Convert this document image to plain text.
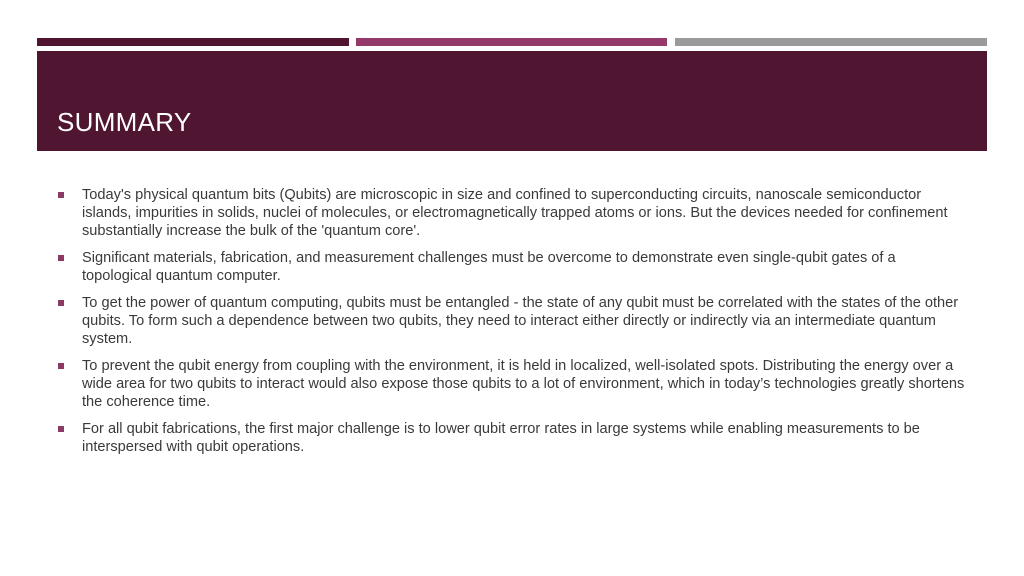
SUMMARY
Today's physical quantum bits (Qubits) are microscopic in size and confined to superconducting circuits, nanoscale semiconductor islands, impurities in solids, nuclei of molecules, or electromagnetically trapped atoms or ions. But the devices needed for confinement substantially increase the bulk of the 'quantum core'.
Significant materials, fabrication, and measurement challenges must be overcome to demonstrate even single-qubit gates of a topological quantum computer.
To get the power of quantum computing, qubits must be entangled - the state of any qubit must be correlated with the states of the other qubits. To form such a dependence between two qubits, they need to interact either directly or indirectly via an intermediate quantum system.
To prevent the qubit energy from coupling with the environment, it is held in localized, well-isolated spots. Distributing the energy over a wide area for two qubits to interact would also expose those qubits to a lot of environment, which in today’s technologies greatly shortens the coherence time.
For all qubit fabrications, the first major challenge is to lower qubit error rates in large systems while enabling measurements to be interspersed with qubit operations.
